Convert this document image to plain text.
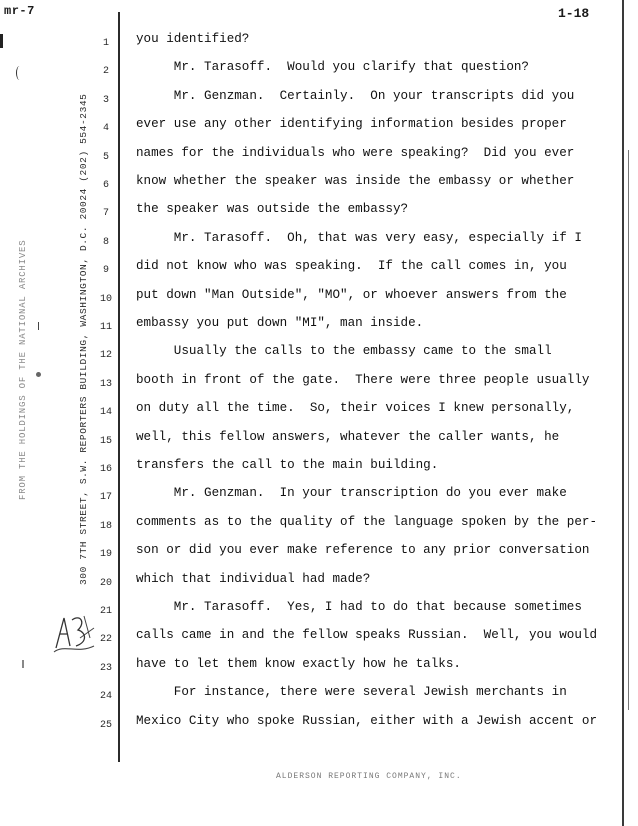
mr-7	1-18
300 7TH STREET, S.W. REPORTERS BUILDING, WASHINGTON, D.C. 20024 (202) 554-2345
FROM THE HOLDINGS OF THE NATIONAL ARCHIVES
1	you identified?
2	Mr. Tarasoff.  Would you clarify that question?
3	Mr. Genzman.  Certainly.  On your transcripts did you
4	ever use any other identifying information besides proper
5	names for the individuals who were speaking?  Did you ever
6	know whether the speaker was inside the embassy or whether
7	the speaker was outside the embassy?
8	Mr. Tarasoff.  Oh, that was very easy, especially if I
9	did not know who was speaking.  If the call comes in, you
10 put down "Man Outside", "MO", or whoever answers from the
11 embassy you put down "MI", man inside.
12 Usually the calls to the embassy came to the small
13 booth in front of the gate.  There were three people usually
14 on duty all the time.  So, their voices I knew personally,
15 well, this fellow answers, whatever the caller wants, he
16 transfers the call to the main building.
17 Mr. Genzman.  In your transcription do you ever make
18 comments as to the quality of the language spoken by the per-
19 son or did you ever make reference to any prior conversation
20 which that individual had made?
21 Mr. Tarasoff.  Yes, I had to do that because sometimes
22 calls came in and the fellow speaks Russian.  Well, you would
23 have to let them know exactly how he talks.
24 For instance, there were several Jewish merchants in
25 Mexico City who spoke Russian, either with a Jewish accent or
ALDERSON REPORTING COMPANY, INC.
